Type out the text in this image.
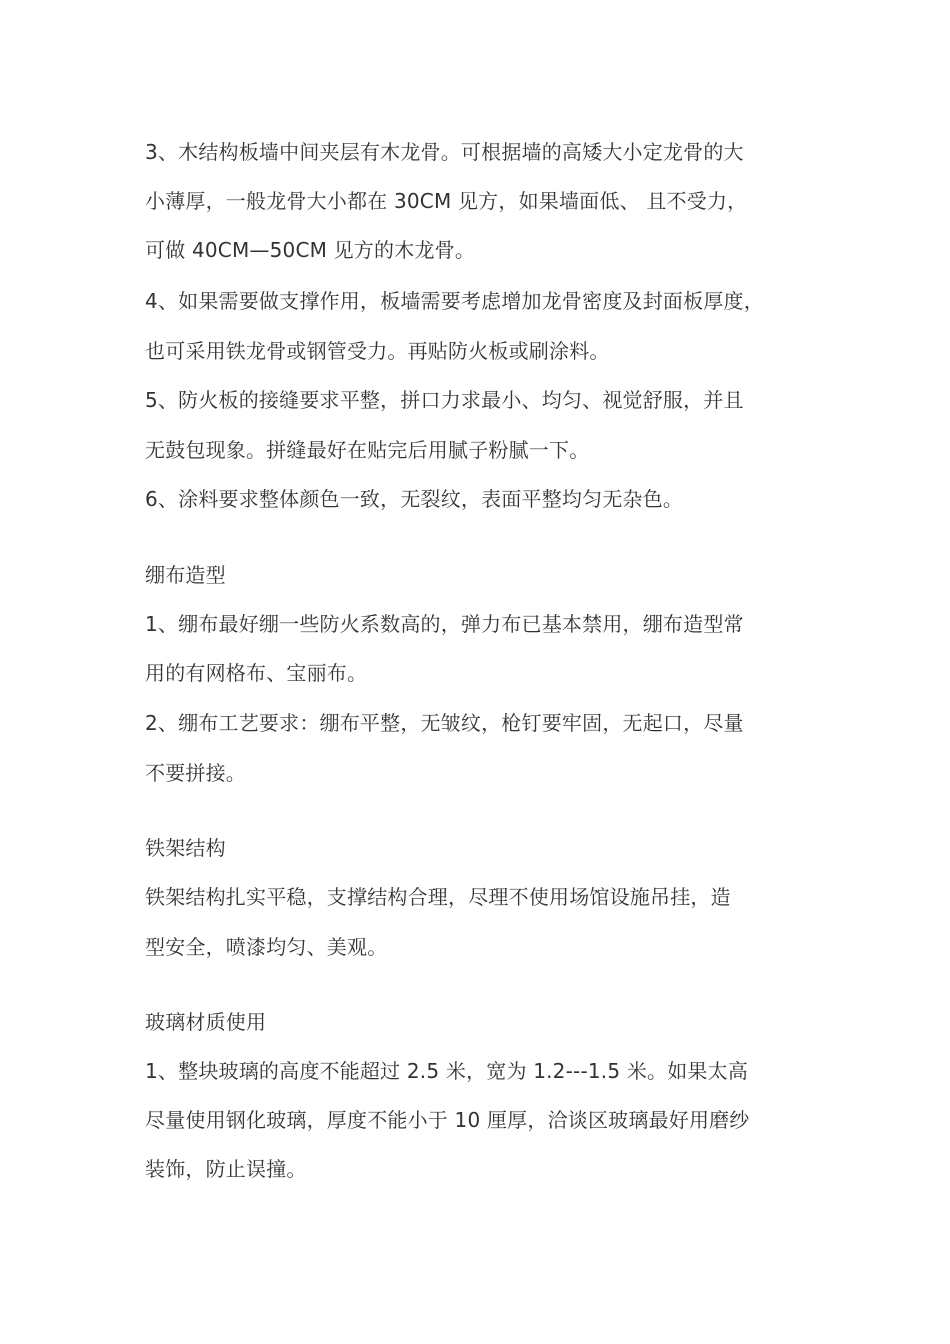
3、木结构板墙中间夹层有木龙骨。可根据墙的高矮大小定龙骨的大
小薄厚，一般龙骨大小都在 30CM 见方，如果墙面低、 且不受力，
可做 40CM—50CM 见方的木龙骨。
4、如果需要做支撑作用，板墙需要考虑增加龙骨密度及封面板厚度，
也可采用铁龙骨或钢管受力。再贴防火板或刷涂料。
5、防火板的接缝要求平整，拼口力求最小、均匀、视觉舒服，并且
无鼓包现象。拼缝最好在贴完后用腻子粉腻一下。
6、涂料要求整体颜色一致，无裂纹，表面平整均匀无杂色。
绷布造型
1、绷布最好绷一些防火系数高的，弹力布已基本禁用，绷布造型常
用的有网格布、宝丽布。
2、绷布工艺要求：绷布平整，无皱纹，枪钉要牢固，无起口，尽量
不要拼接。
铁架结构
铁架结构扎实平稳，支撑结构合理，尽理不使用场馆设施吊挂，造
型安全，喷漆均匀、美观。
玻璃材质使用
1、整块玻璃的高度不能超过 2.5 米，宽为 1.2---1.5 米。如果太高
尽量使用钢化玻璃，厚度不能小于 10 厘厚，洽谈区玻璃最好用磨纱
装饰，防止误撞。
